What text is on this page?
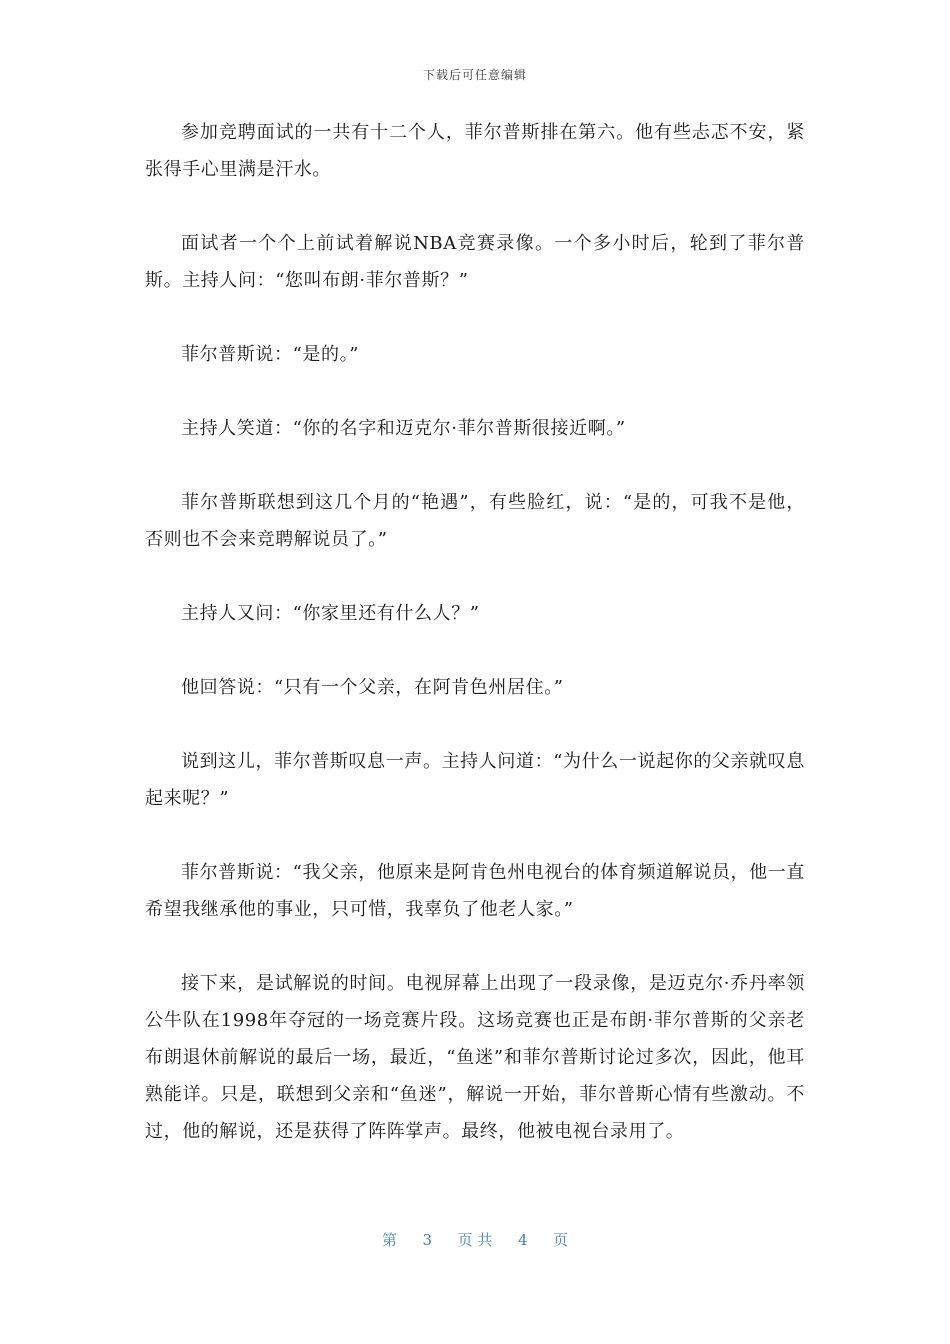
下载后可任意编辑

参加竞聘面试的一共有十二个人，菲尔普斯排在第六。他有些忐忑不安，紧张得手心里满是汗水。

面试者一个个上前试着解说NBA竞赛录像。一个多小时后，轮到了菲尔普斯。主持人问：“您叫布朗·菲尔普斯？”

菲尔普斯说：“是的。”

主持人笑道：“你的名字和迈克尔·菲尔普斯很接近啊。”

菲尔普斯联想到这几个月的“艳遇”，有些脸红，说：“是的，可我不是他，否则也不会来竞聘解说员了。”

主持人又问：“你家里还有什么人？”

他回答说：“只有一个父亲，在阿肯色州居住。”

说到这儿，菲尔普斯叹息一声。主持人问道：“为什么一说起你的父亲就叹息起来呢？”

菲尔普斯说：“我父亲，他原来是阿肯色州电视台的体育频道解说员，他一直希望我继承他的事业，只可惜，我辜负了他老人家。”

接下来，是试解说的时间。电视屏幕上出现了一段录像，是迈克尔·乔丹率领公牛队在1998年夺冠的一场竞赛片段。这场竞赛也正是布朗·菲尔普斯的父亲老布朗退休前解说的最后一场，最近，“鱼迷”和菲尔普斯讨论过多次，因此，他耳熟能详。只是，联想到父亲和“鱼迷”，解说一开始，菲尔普斯心情有些激动。不过，他的解说，还是获得了阵阵掌声。最终，他被电视台录用了。

第 3 页 共 4 页
